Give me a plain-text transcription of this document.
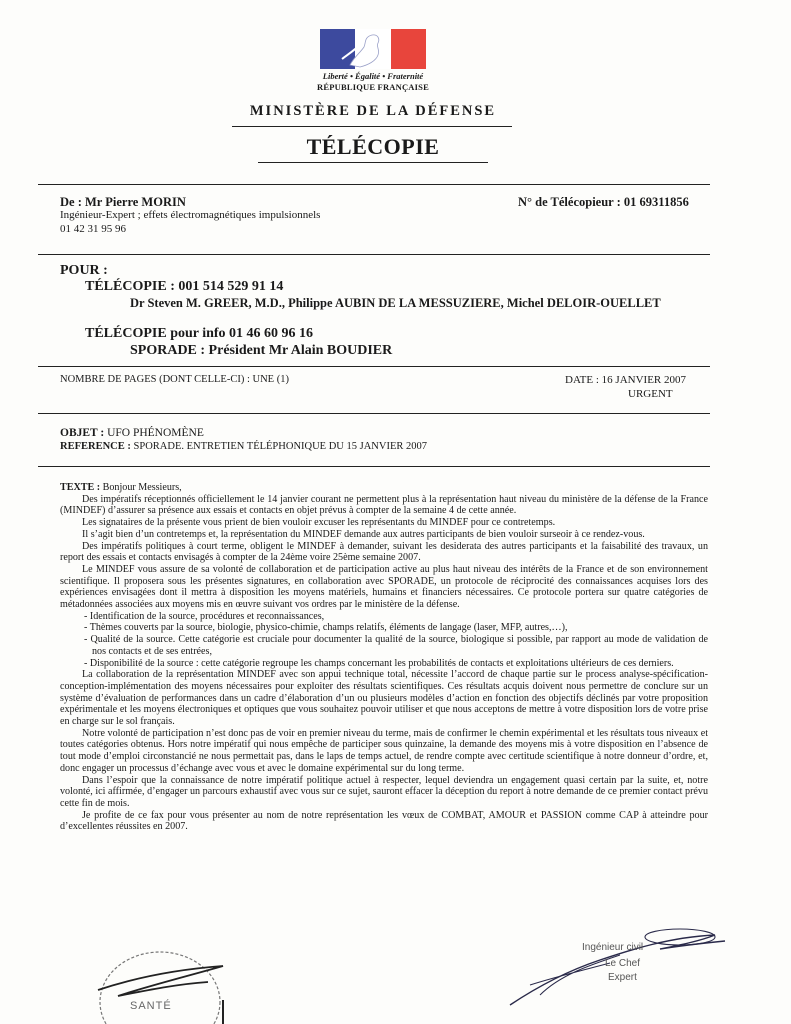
Liberté • Égalité • Fraternité
RÉPUBLIQUE FRANÇAISE
MINISTÈRE DE LA DÉFENSE
TÉLÉCOPIE
De : Mr Pierre MORIN
Ingénieur-Expert ; effets électromagnétiques impulsionnels
01 42 31 95 96
N° de Télécopieur : 01 69311856
POUR :
TÉLÉCOPIE : 001 514 529 91 14
Dr Steven M. GREER, M.D., Philippe AUBIN DE LA MESSUZIERE, Michel DELOIR-OUELLET
TÉLÉCOPIE pour info 01 46 60 96 16
SPORADE : Président Mr Alain BOUDIER
NOMBRE DE PAGES (DONT CELLE-CI) : UNE (1)	DATE : 16 JANVIER 2007
URGENT
OBJET : UFO PHÉNOMÈNE
REFERENCE : SPORADE. ENTRETIEN TÉLÉPHONIQUE DU 15 JANVIER 2007

TEXTE : Bonjour Messieurs,

Des impératifs réceptionnés officiellement le 14 janvier courant ne permettent plus à la représentation haut niveau du ministère de la défense de la France (MINDEF) d’assurer sa présence aux essais et contacts en objet prévus à compter de la semaine 4 de cette année.

Les signataires de la présente vous prient de bien vouloir excuser les représentants du MINDEF pour ce contretemps.

Il s’agit bien d’un contretemps et, la représentation du MINDEF demande aux autres participants de bien vouloir surseoir à ce rendez-vous.

Des impératifs politiques à court terme, obligent le MINDEF à demander, suivant les desiderata des autres participants et la faisabilité des travaux, un report des essais et contacts envisagés à compter de la 24ème voire 25ème semaine 2007.

Le MINDEF vous assure de sa volonté de collaboration et de participation active au plus haut niveau des intérêts de la France et de son environnement scientifique. Il proposera sous les présentes signatures, en collaboration avec SPORADE, un protocole de réciprocité des connaissances acquises lors des expériences envisagées dont il mettra à disposition les moyens matériels, humains et financiers nécessaires. Ce protocole portera sur quatre catégories de métadonnées associées aux moyens mis en œuvre suivant vos ordres par le ministère de la défense.

- Identification de la source, procédures et reconnaissances,
- Thèmes couverts par la source, biologie, physico-chimie, champs relatifs, éléments de langage (laser, MFP, autres,…),
- Qualité de la source. Cette catégorie est cruciale pour documenter la qualité de la source, biologique si possible, par rapport au mode de validation de nos contacts et de ses entrées,
- Disponibilité de la source : cette catégorie regroupe les champs concernant les probabilités de contacts et exploitations ultérieurs de ces derniers.

La collaboration de la représentation MINDEF avec son appui technique total, nécessite l’accord de chaque partie sur le process analyse-spécification-conception-implémentation des moyens nécessaires pour exploiter des résultats scientifiques. Ces résultats acquis doivent nous permettre de conclure sur un système d’évaluation de performances dans un cadre d’élaboration d’un ou plusieurs modèles d’action en fonction des objectifs déclinés par votre proposition expérimentale et les moyens électroniques et optiques que vous souhaitez pouvoir utiliser et que nous acceptons de mettre à votre disposition lors de votre prise en charge sur le sol français.

Notre volonté de participation n’est donc pas de voir en premier niveau du terme, mais de confirmer le chemin expérimental et les résultats tous niveaux et toutes catégories obtenus. Hors notre impératif qui nous empêche de participer sous quinzaine, la demande des moyens mis à votre disposition en l’absence de tout mode d’emploi circonstancié ne nous permettait pas, dans le laps de temps actuel, de rendre compte avec certitude scientifique à notre donneur d’ordre, et, donc engager un processus d’échange avec vous et avec le domaine expérimental sur du long terme.

Dans l’espoir que la connaissance de notre impératif politique actuel à respecter, lequel deviendra un engagement quasi certain par la suite, et, notre volonté, ici affirmée, d’engager un parcours exhaustif avec vous sur ce sujet, sauront effacer la déception du report à notre demande de ce premier contact prévu cette fin de mois.

Je profite de ce fax pour vous présenter au nom de notre représentation les vœux de COMBAT, AMOUR et PASSION comme CAP à atteindre pour d’excellentes réussites en 2007.

SANTÉ
Ingénieur civil
Le Chef
Expert
